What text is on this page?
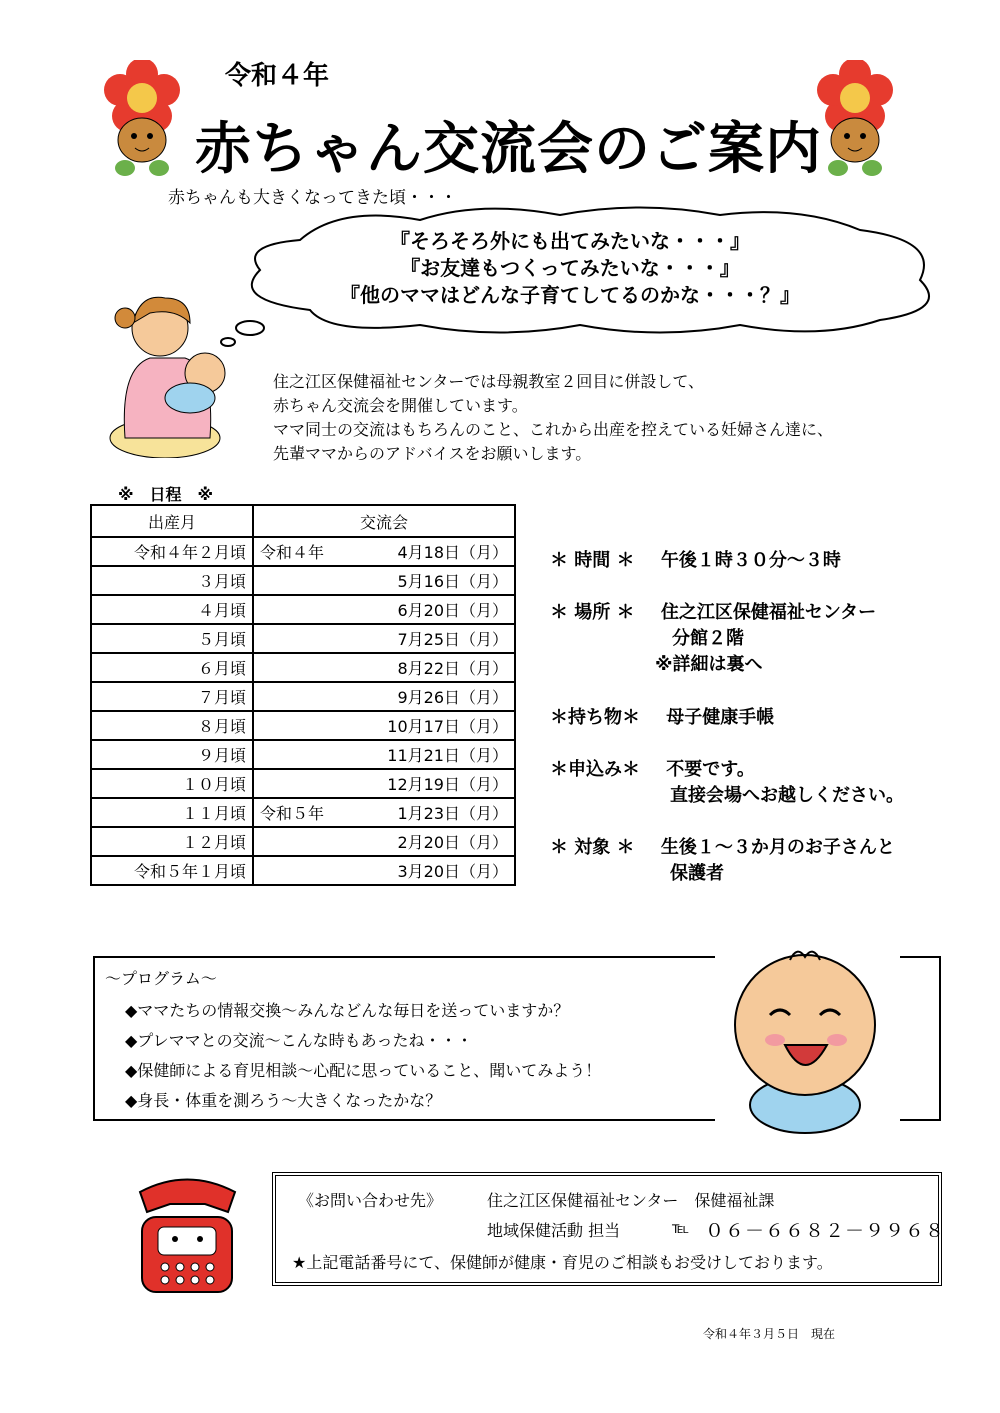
令和４年
赤ちゃん交流会のご案内
赤ちゃんも大きくなってきた頃・・・
『そろそろ外にも出てみたいな・・・』
『お友達もつくってみたいな・・・』
『他のママはどんな子育てしてるのかな・・・？』
住之江区保健福祉センターでは母親教室２回目に併設して、
赤ちゃん交流会を開催しています。
ママ同士の交流はもちろんのこと、これから出産を控えている妊婦さん達に、
先輩ママからのアドバイスをお願いします。
※　日程　※
出産月	交流会
令和４年２月頃	令和４年 4月18日（月）

３月頃	5月16日（月）

４月頃	6月20日（月）

５月頃	7月25日（月）

６月頃	8月22日（月）

７月頃	9月26日（月）

８月頃	10月17日（月）

９月頃	11月21日（月）

１０月頃	12月19日（月）

１１月頃	令和５年 1月23日（月）

１２月頃	2月20日（月）

令和５年１月頃	3月20日（月）
＊ 時間 ＊ 午後１時３０分～３時
＊ 場所 ＊ 住之江区保健福祉センター
分館２階
※詳細は裏へ
＊持ち物＊ 母子健康手帳
＊申込み＊ 不要です。
直接会場へお越しください。
＊ 対象 ＊ 生後１～３か月のお子さんと
保護者
～プログラム～
◆ママたちの情報交換～みんなどんな毎日を送っていますか？
◆プレママとの交流～こんな時もあったね・・・
◆保健師による育児相談～心配に思っていること、聞いてみよう！
◆身長・体重を測ろう～大きくなったかな？
《お問い合わせ先》	住之江区保健福祉センター　保健福祉課
地域保健活動 担当	℡ ０６－６６８２－９９６８
★上記電話番号にて、保健師が健康・育児のご相談もお受けしております。
令和４年３月５日　現在
